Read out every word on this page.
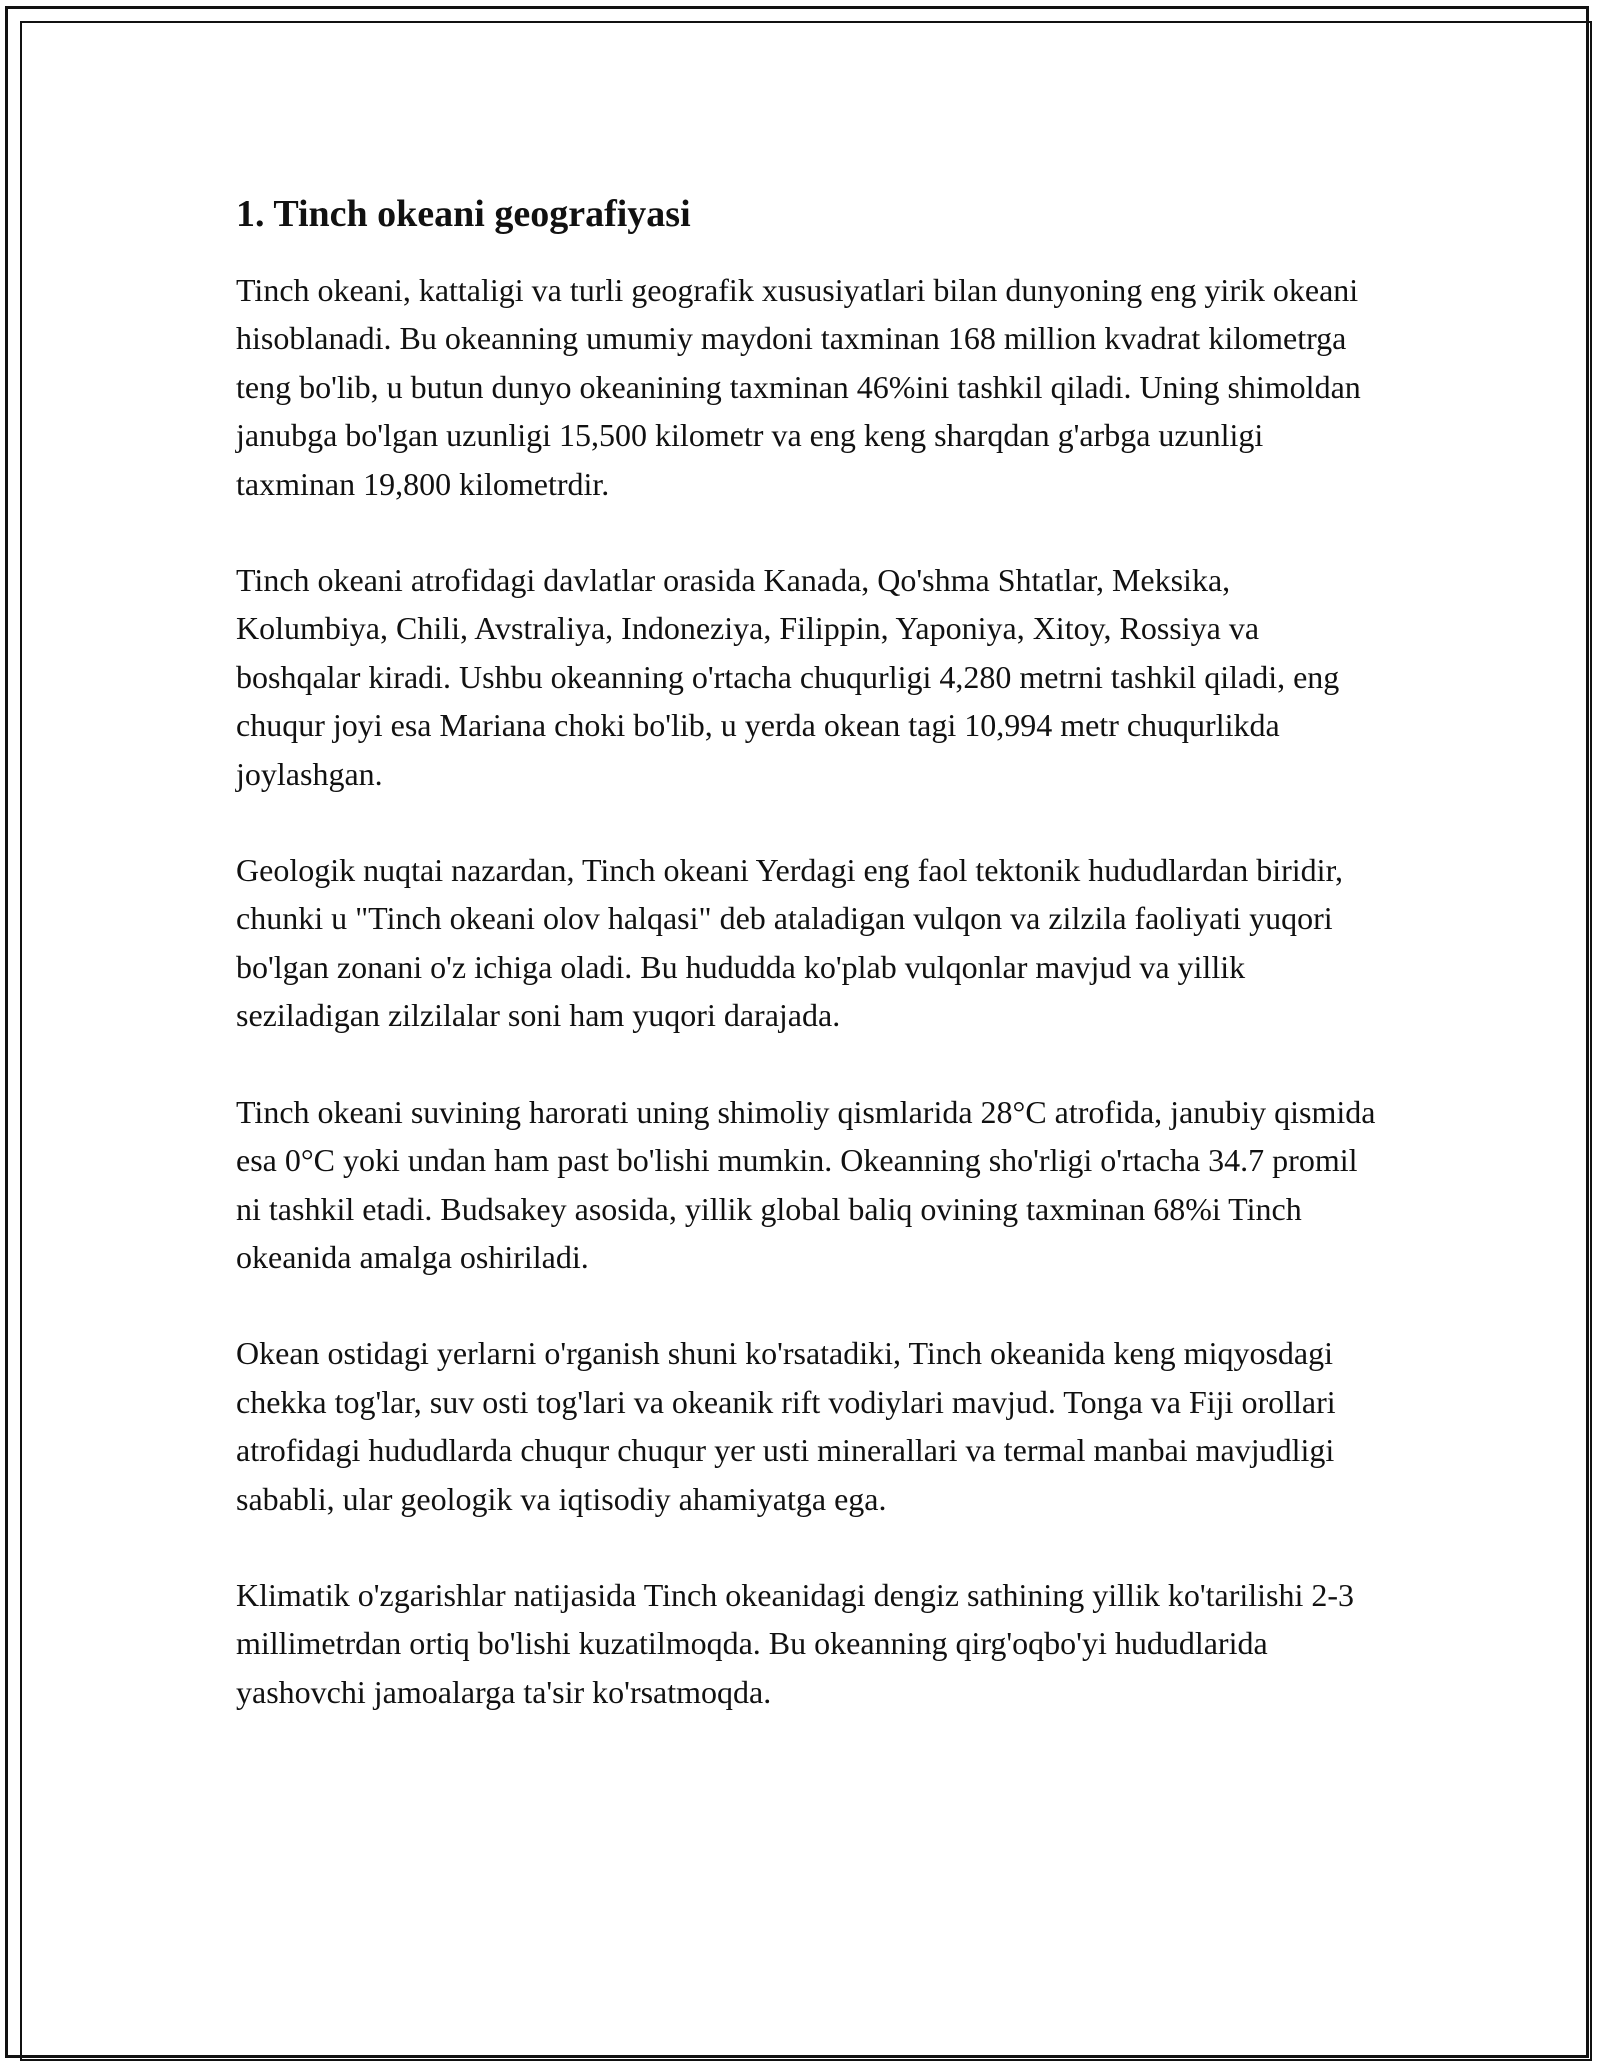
1. Tinch okeani geografiyasi

Tinch okeani, kattaligi va turli geografik xususiyatlari bilan dunyoning eng yirik okeani hisoblanadi. Bu okeanning umumiy maydoni taxminan 168 million kvadrat kilometrga teng bo'lib, u butun dunyo okeanining taxminan 46%ini tashkil qiladi. Uning shimoldan janubga bo'lgan uzunligi 15,500 kilometr va eng keng sharqdan g'arbga uzunligi taxminan 19,800 kilometrdir.

Tinch okeani atrofidagi davlatlar orasida Kanada, Qo'shma Shtatlar, Meksika, Kolumbiya, Chili, Avstraliya, Indoneziya, Filippin, Yaponiya, Xitoy, Rossiya va boshqalar kiradi. Ushbu okeanning o'rtacha chuqurligi 4,280 metrni tashkil qiladi, eng chuqur joyi esa Mariana choki bo'lib, u yerda okean tagi 10,994 metr chuqurlikda joylashgan.

Geologik nuqtai nazardan, Tinch okeani Yerdagi eng faol tektonik hududlardan biridir, chunki u "Tinch okeani olov halqasi" deb ataladigan vulqon va zilzila faoliyati yuqori bo'lgan zonani o'z ichiga oladi. Bu hududda ko'plab vulqonlar mavjud va yillik seziladigan zilzilalar soni ham yuqori darajada.

Tinch okeani suvining harorati uning shimoliy qismlarida 28°C atrofida, janubiy qismida esa 0°C yoki undan ham past bo'lishi mumkin. Okeanning sho'rligi o'rtacha 34.7 promil ni tashkil etadi. Budsakey asosida, yillik global baliq ovining taxminan 68%i Tinch okeanida amalga oshiriladi.

Okean ostidagi yerlarni o'rganish shuni ko'rsatadiki, Tinch okeanida keng miqyosdagi chekka tog'lar, suv osti tog'lari va okeanik rift vodiylari mavjud. Tonga va Fiji orollari atrofidagi hududlarda chuqur chuqur yer usti minerallari va termal manbai mavjudligi sababli, ular geologik va iqtisodiy ahamiyatga ega.

Klimatik o'zgarishlar natijasida Tinch okeanidagi dengiz sathining yillik ko'tarilishi 2-3 millimetrdan ortiq bo'lishi kuzatilmoqda. Bu okeanning qirg'oqbo'yi hududlarida yashovchi jamoalarga ta'sir ko'rsatmoqda.
